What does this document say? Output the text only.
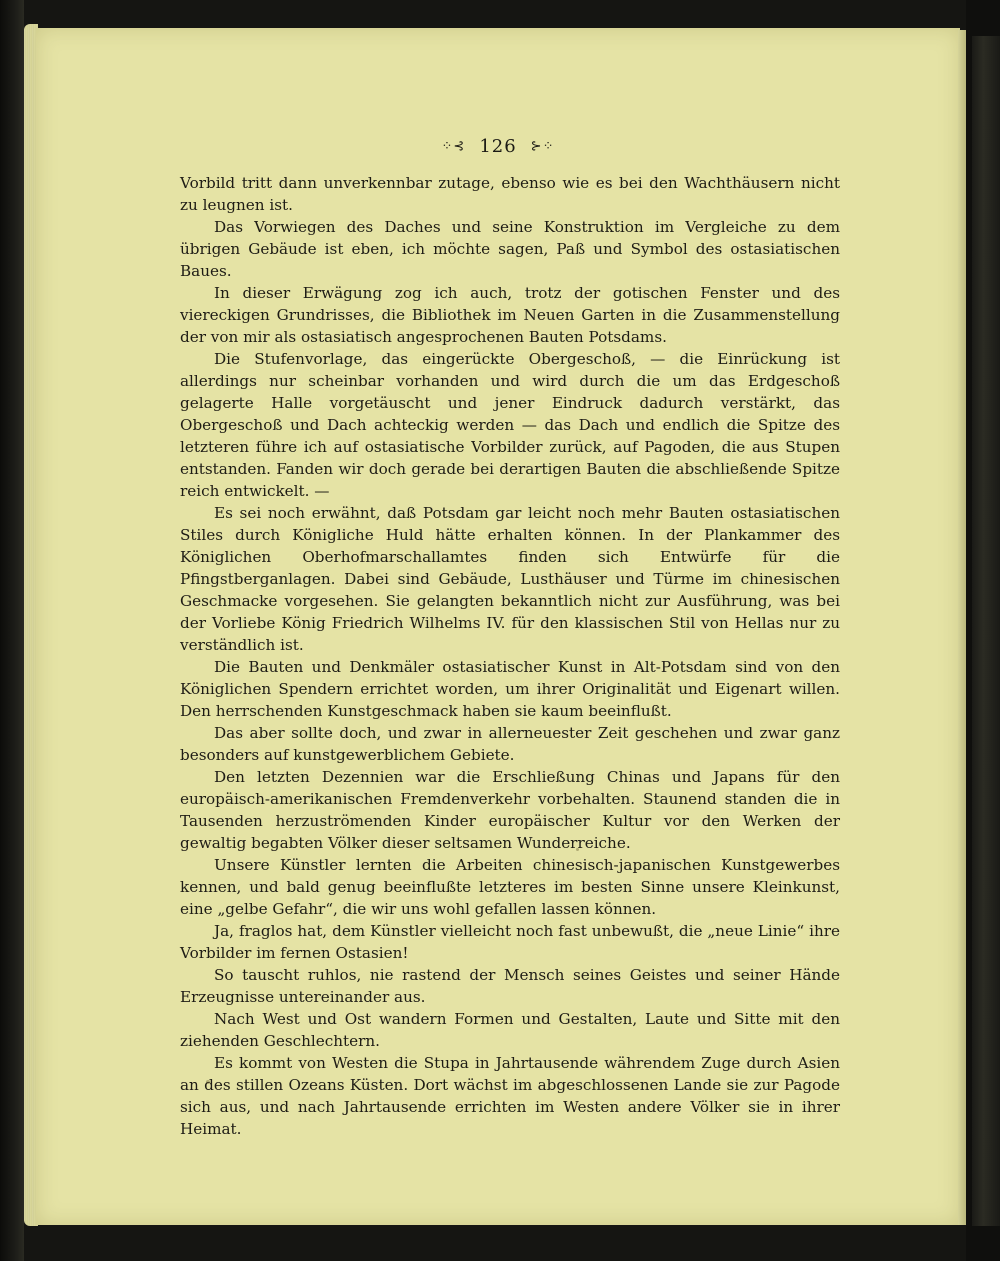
⁘⊰ 126 ⊱⁘

Vorbild tritt dann unverkennbar zutage, ebenso wie es bei den Wachthäusern nicht zu leugnen ist.

Das Vorwiegen des Daches und seine Konstruktion im Vergleiche zu dem übrigen Gebäude ist eben, ich möchte sagen, Paß und Symbol des ostasiatischen Baues.

In dieser Erwägung zog ich auch, trotz der gotischen Fenster und des viereckigen Grundrisses, die Bibliothek im Neuen Garten in die Zusammenstellung der von mir als ostasiatisch angesprochenen Bauten Potsdams.

Die Stufenvorlage, das eingerückte Obergeschoß, — die Einrückung ist allerdings nur scheinbar vorhanden und wird durch die um das Erdgeschoß gelagerte Halle vorgetäuscht und jener Eindruck dadurch verstärkt, das Obergeschoß und Dach achteckig werden — das Dach und endlich die Spitze des letzteren führe ich auf ostasiatische Vorbilder zurück, auf Pagoden, die aus Stupen entstanden. Fanden wir doch gerade bei derartigen Bauten die abschließende Spitze reich entwickelt. —

Es sei noch erwähnt, daß Potsdam gar leicht noch mehr Bauten ostasiatischen Stiles durch Königliche Huld hätte erhalten können. In der Plankammer des Königlichen Oberhofmarschallamtes finden sich Entwürfe für die Pfingstberganlagen. Dabei sind Gebäude, Lusthäuser und Türme im chinesischen Geschmacke vorgesehen. Sie gelangten bekanntlich nicht zur Ausführung, was bei der Vorliebe König Friedrich Wilhelms IV. für den klassischen Stil von Hellas nur zu verständlich ist.

Die Bauten und Denkmäler ostasiatischer Kunst in Alt-Potsdam sind von den Königlichen Spendern errichtet worden, um ihrer Originalität und Eigenart willen. Den herrschenden Kunstgeschmack haben sie kaum beeinflußt.

Das aber sollte doch, und zwar in allerneuester Zeit geschehen und zwar ganz besonders auf kunstgewerblichem Gebiete.

Den letzten Dezennien war die Erschließung Chinas und Japans für den europäisch-amerikanischen Fremdenverkehr vorbehalten. Staunend standen die in Tausenden herzuströmenden Kinder europäischer Kultur vor den Werken der gewaltig begabten Völker dieser seltsamen Wunderreiche.

Unsere Künstler lernten die Arbeiten chinesisch-japanischen Kunstgewerbes kennen, und bald genug beeinflußte letzteres im besten Sinne unsere Kleinkunst, eine „gelbe Gefahr“, die wir uns wohl gefallen lassen können.

Ja, fraglos hat, dem Künstler vielleicht noch fast unbewußt, die „neue Linie“ ihre Vorbilder im fernen Ostasien!

So tauscht ruhlos, nie rastend der Mensch seines Geistes und seiner Hände Erzeugnisse untereinander aus.

Nach West und Ost wandern Formen und Gestalten, Laute und Sitte mit den ziehenden Geschlechtern.

Es kommt von Westen die Stupa in Jahrtausende währendem Zuge durch Asien an des stillen Ozeans Küsten. Dort wächst im abgeschlossenen Lande sie zur Pagode sich aus, und nach Jahrtausende errichten im Westen andere Völker sie in ihrer Heimat.
